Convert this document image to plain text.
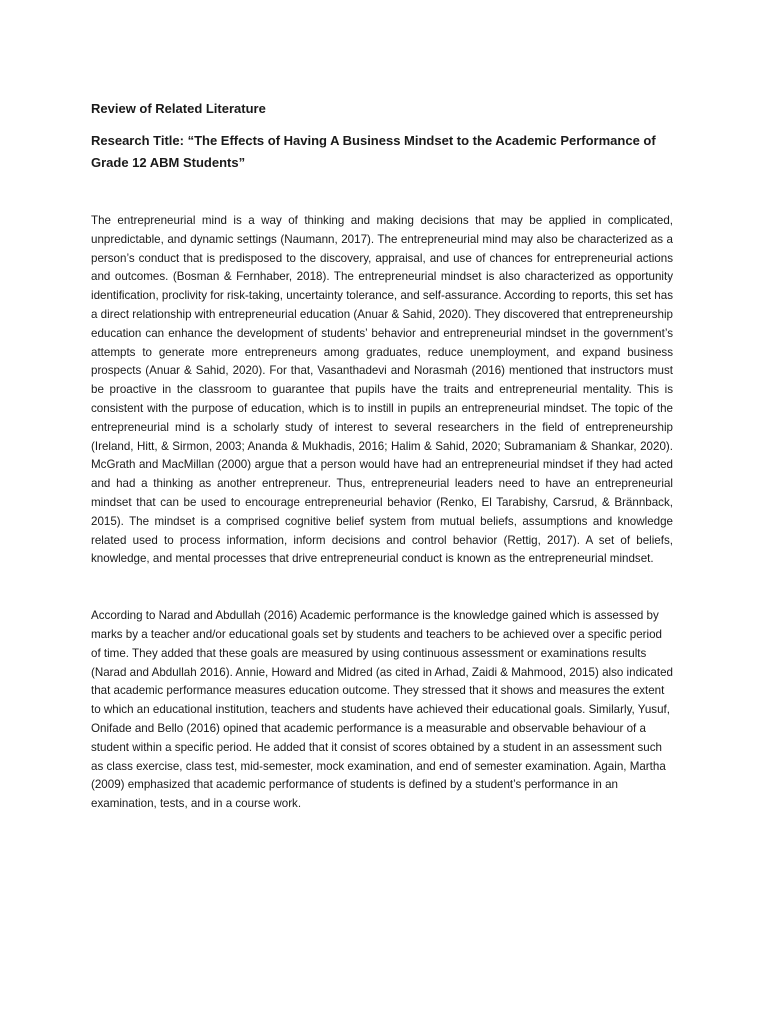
Review of Related Literature

Research Title: “The Effects of Having A Business Mindset to the Academic Performance of Grade 12 ABM Students”

The entrepreneurial mind is a way of thinking and making decisions that may be applied in complicated, unpredictable, and dynamic settings (Naumann, 2017). The entrepreneurial mind may also be characterized as a person’s conduct that is predisposed to the discovery, appraisal, and use of chances for entrepreneurial actions and outcomes. (Bosman & Fernhaber, 2018). The entrepreneurial mindset is also characterized as opportunity identification, proclivity for risk-taking, uncertainty tolerance, and self-assurance. According to reports, this set has a direct relationship with entrepreneurial education (Anuar & Sahid, 2020). They discovered that entrepreneurship education can enhance the development of students’ behavior and entrepreneurial mindset in the government’s attempts to generate more entrepreneurs among graduates, reduce unemployment, and expand business prospects (Anuar & Sahid, 2020). For that, Vasanthadevi and Norasmah (2016) mentioned that instructors must be proactive in the classroom to guarantee that pupils have the traits and entrepreneurial mentality. This is consistent with the purpose of education, which is to instill in pupils an entrepreneurial mindset. The topic of the entrepreneurial mind is a scholarly study of interest to several researchers in the field of entrepreneurship (Ireland, Hitt, & Sirmon, 2003; Ananda & Mukhadis, 2016; Halim & Sahid, 2020; Subramaniam & Shankar, 2020). McGrath and MacMillan (2000) argue that a person would have had an entrepreneurial mindset if they had acted and had a thinking as another entrepreneur. Thus, entrepreneurial leaders need to have an entrepreneurial mindset that can be used to encourage entrepreneurial behavior (Renko, El Tarabishy, Carsrud, & Brännback, 2015). The mindset is a comprised cognitive belief system from mutual beliefs, assumptions and knowledge related used to process information, inform decisions and control behavior (Rettig, 2017). A set of beliefs, knowledge, and mental processes that drive entrepreneurial conduct is known as the entrepreneurial mindset.

According to Narad and Abdullah (2016) Academic performance is the knowledge gained which is assessed by marks by a teacher and/or educational goals set by students and teachers to be achieved over a specific period of time. They added that these goals are measured by using continuous assessment or examinations results (Narad and Abdullah 2016). Annie, Howard and Midred (as cited in Arhad, Zaidi & Mahmood, 2015) also indicated that academic performance measures education outcome. They stressed that it shows and measures the extent to which an educational institution, teachers and students have achieved their educational goals. Similarly, Yusuf, Onifade and Bello (2016) opined that academic performance is a measurable and observable behaviour of a student within a specific period. He added that it consist of scores obtained by a student in an assessment such as class exercise, class test, mid-semester, mock examination, and end of semester examination. Again, Martha (2009) emphasized that academic performance of students is defined by a student’s performance in an examination, tests, and in a course work.
